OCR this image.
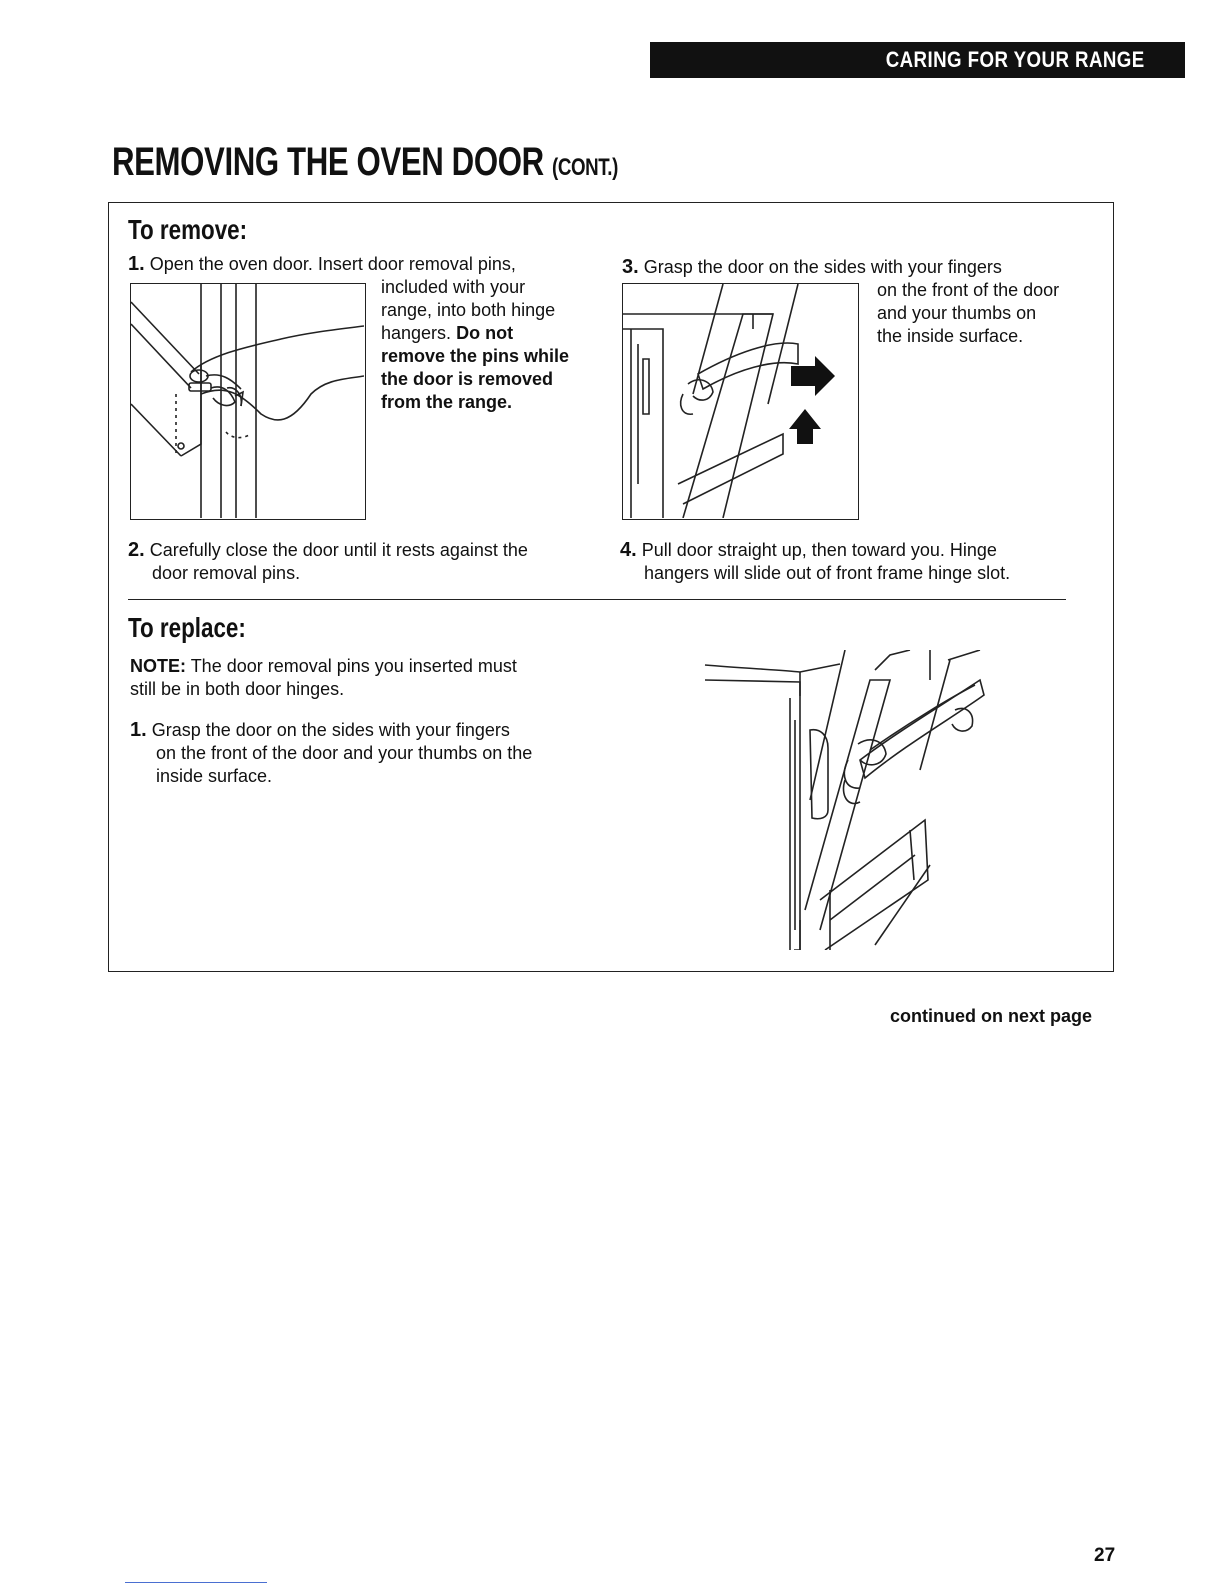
CARING FOR YOUR RANGE
REMOVING THE OVEN DOOR (CONT.)
To remove:
1. Open the oven door. Insert door removal pins,
included with your
range, into both hinge
hangers. Do not
remove the pins while
the door is removed
from the range.
3. Grasp the door on the sides with your fingers
on the front of the door
and your thumbs on
the inside surface.
2. Carefully close the door until it rests against the
door removal pins.
4. Pull door straight up, then toward you. Hinge
hangers will slide out of front frame hinge slot.
To replace:
NOTE: The door removal pins you inserted must
still be in both door hinges.
1. Grasp the door on the sides with your fingers
on the front of the door and your thumbs on the
inside surface.
continued on next page
27
